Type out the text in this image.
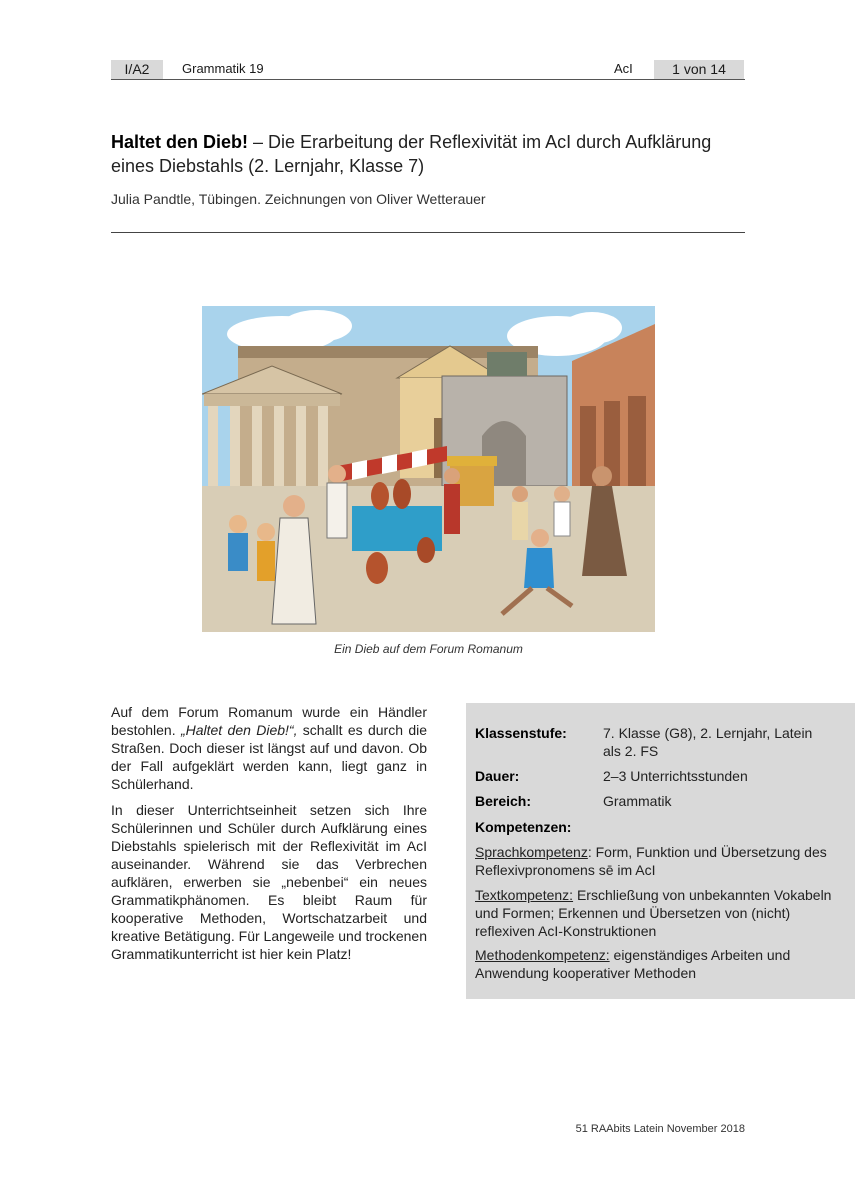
I/A2	Grammatik 19	AcI	1 von 14
Haltet den Dieb! – Die Erarbeitung der Reflexivität im AcI durch Aufklärung eines Diebstahls (2. Lernjahr, Klasse 7)
Julia Pandtle, Tübingen. Zeichnungen von Oliver Wetterauer
Ein Dieb auf dem Forum Romanum

Auf dem Forum Romanum wurde ein Händler bestohlen. „Haltet den Dieb!“, schallt es durch die Straßen. Doch dieser ist längst auf und davon. Ob der Fall aufgeklärt werden kann, liegt ganz in Schülerhand.

In dieser Unterrichtseinheit setzen sich Ihre Schülerinnen und Schüler durch Aufklärung eines Diebstahls spielerisch mit der Reflexivität im AcI auseinander. Während sie das Verbrechen aufklären, erwerben sie „nebenbei“ ein neues Grammatikphänomen. Es bleibt Raum für kooperative Methoden, Wortschatzarbeit und kreative Betätigung. Für Langeweile und trockenen Grammatikunterricht ist hier kein Platz!

Klassenstufe:	7. Klasse (G8), 2. Lernjahr, Latein
als 2. FS
Dauer:	2–3 Unterrichtsstunden
Bereich:	Grammatik
Kompetenzen:
Sprachkompetenz: Form, Funktion und Übersetzung des Reflexivpronomens sē im AcI
Textkompetenz: Erschließung von unbekannten Vokabeln und Formen; Erkennen und Übersetzen von (nicht) reflexiven AcI-Konstruktionen
Methodenkompetenz: eigenständiges Arbeiten und Anwendung kooperativer Methoden
51 RAAbits Latein November 2018
